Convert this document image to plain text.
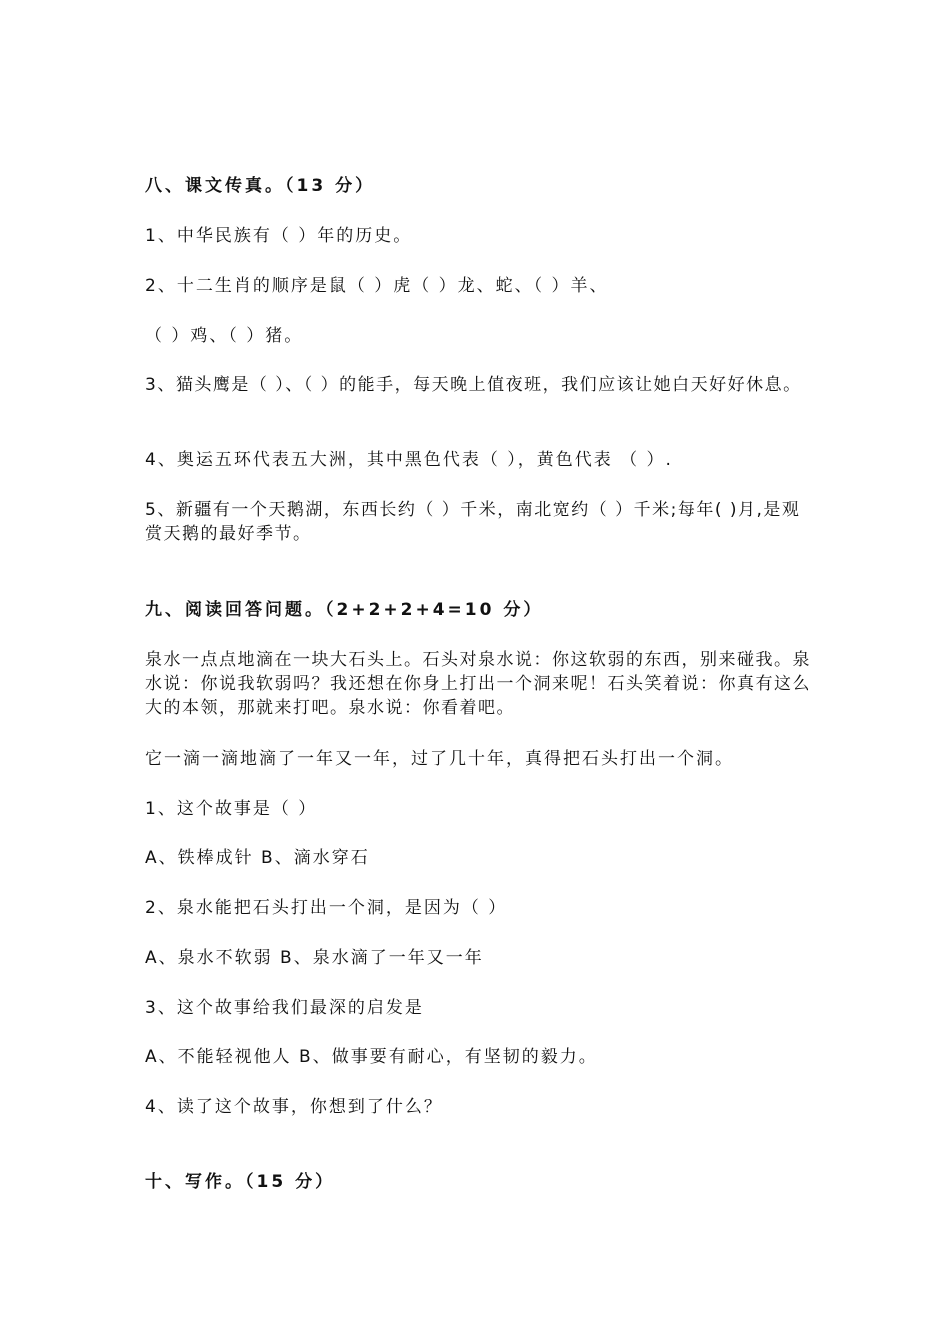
八、课文传真。（13 分）
1、中华民族有（ ）年的历史。
2、十二生肖的顺序是鼠（ ）虎（ ）龙、蛇、（ ）羊、
（ ）鸡、（ ）猪。
3、猫头鹰是（ ）、（ ）的能手，每天晚上值夜班，我们应该让她白天好好休息。
4、奥运五环代表五大洲，其中黑色代表（ ），黄色代表 （ ）.
5、新疆有一个天鹅湖，东西长约（ ）千米，南北宽约（ ）千米;每年( )月,是观赏天鹅的最好季节。
九、阅读回答问题。（2+2+2+4=10 分）
泉水一点点地滴在一块大石头上。石头对泉水说：你这软弱的东西，别来碰我。泉水说：你说我软弱吗？我还想在你身上打出一个洞来呢！石头笑着说：你真有这么大的本领，那就来打吧。泉水说：你看着吧。
它一滴一滴地滴了一年又一年，过了几十年，真得把石头打出一个洞。
1、这个故事是（ ）
A、铁棒成针 B、滴水穿石
2、泉水能把石头打出一个洞，是因为（ ）
A、泉水不软弱 B、泉水滴了一年又一年
3、这个故事给我们最深的启发是
A、不能轻视他人 B、做事要有耐心，有坚韧的毅力。
4、读了这个故事，你想到了什么？
十、写作。（15 分）
